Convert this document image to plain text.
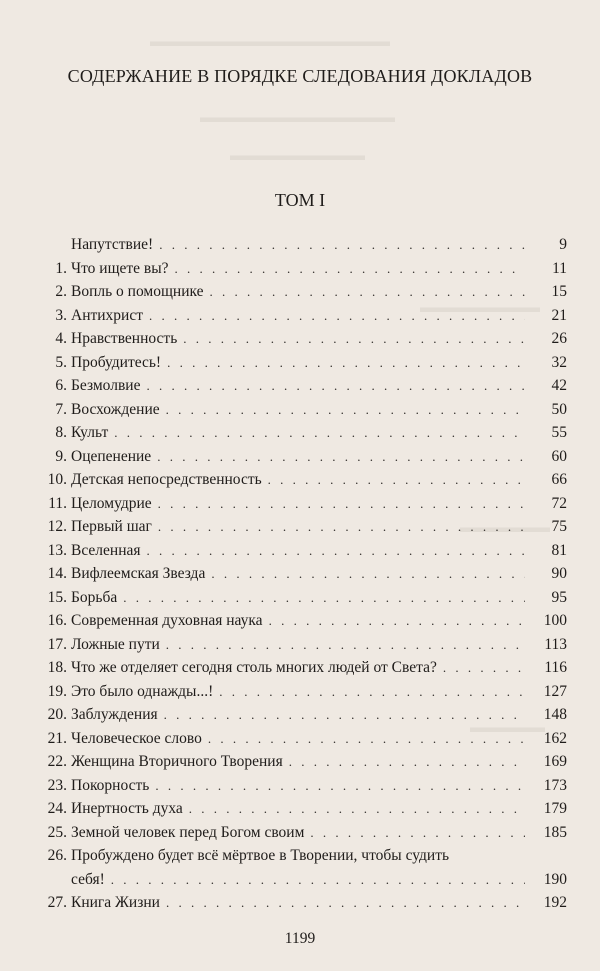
▬▬▬▬▬▬▬▬▬▬▬▬▬▬▬▬
▬▬▬▬▬▬▬▬▬▬▬▬▬
▬▬▬▬▬▬▬▬▬
▬▬▬▬▬▬▬▬
▬▬▬▬▬▬
▬▬▬▬▬
СОДЕРЖАНИЕ В ПОРЯДКЕ СЛЕДОВАНИЯ ДОКЛАДОВ
ТОМ I
Напутствие! . . .	9
1. Что ищете вы? . . .	11
2. Вопль о помощнике . . .	15
3. Антихрист . . .	21
4. Нравственность . . .	26
5. Пробудитесь! . . .	32
6. Безмолвие . . .	42
7. Восхождение . . .	50
8. Культ . . .	55
9. Оцепенение . . .	60
10. Детская непосредственность . . .	66
11. Целомудрие . . .	72
12. Первый шаг . . .	75
13. Вселенная . . .	81
14. Вифлеемская Звезда . . .	90
15. Борьба . . .	95
16. Современная духовная наука . . .	100
17. Ложные пути . . .	113
18. Что же отделяет сегодня столь многих людей от Света? . . .	116
19. Это было однажды...! . . .	127
20. Заблуждения . . .	148
21. Человеческое слово . . .	162
22. Женщина Вторичного Творения . . .	169
23. Покорность . . .	173
24. Инертность духа . . .	179
25. Земной человек перед Богом своим . . .	185
26. Пробуждено будет всё мёртвое в Творении, чтобы судить
себя! . . .	190
27. Книга Жизни . . .	192
1199
